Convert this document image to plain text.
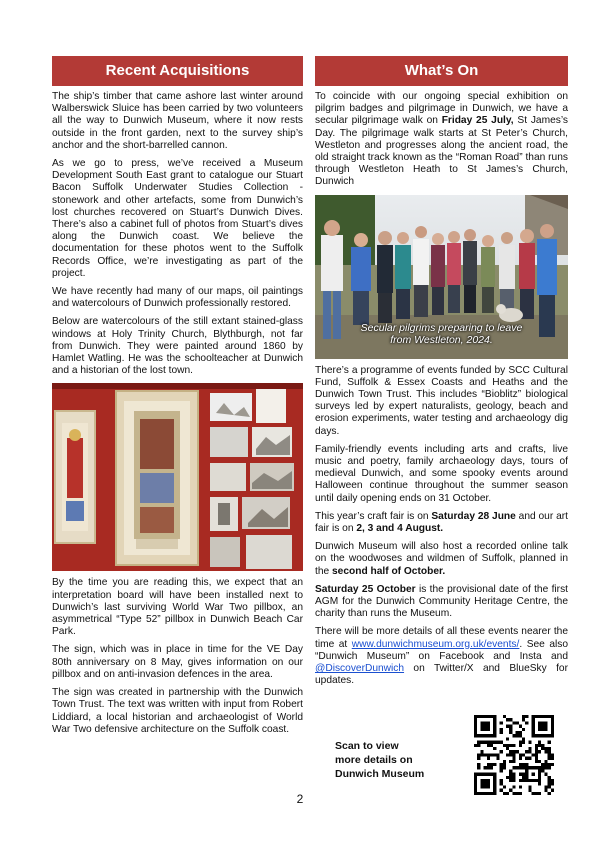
Recent Acquisitions

The ship’s timber that came ashore last winter around Walberswick Sluice has been carried by two volunteers all the way to Dunwich Museum, where it now rests outside in the front garden, next to the survey ship’s anchor and the short-barrelled cannon.

As we go to press, we’ve received a Museum Development South East grant to catalogue our Stuart Bacon Suffolk Underwater Studies Collection - stonework and other artefacts, some from Dunwich’s lost churches recovered on Stuart’s Dunwich Dives. There’s also a cabinet full of photos from Stuart’s dives along the Dunwich coast. We believe the documentation for these photos went to the Suffolk Records Office, we’re investigating as part of the project.

We have recently had many of our maps, oil paintings and watercolours of Dunwich professionally restored.

Below are watercolours of the still extant stained-glass windows at Holy Trinity Church, Blythburgh, not far from Dunwich. They were painted around 1860 by Hamlet Watling. He was the schoolteacher at Dunwich and a historian of the lost town.

By the time you are reading this, we expect that an interpretation board will have been installed next to Dunwich’s last surviving World War Two pillbox, an asymmetrical “Type 52” pillbox in Dunwich Beach Car Park.

The sign, which was in place in time for the VE Day 80th anniversary on 8 May, gives information on our pillbox and on anti-invasion defences in the area.

The sign was created in partnership with the Dunwich Town Trust. The text was written with input from Robert Liddiard, a local historian and archaeologist of World War Two defensive architecture on the Suffolk coast.

What’s On

To coincide with our ongoing special exhibition on pilgrim badges and pilgrimage in Dunwich, we have a secular pilgrimage walk on Friday 25 July, St James’s Day. The pilgrimage walk starts at St Peter’s Church, Westleton and progresses along the ancient road, the old straight track known as the “Roman Road” than runs through Westleton Heath to St James’s Church, Dunwich

Secular pilgrims preparing to leave
from Westleton, 2024.

There’s a programme of events funded by SCC Cultural Fund, Suffolk & Essex Coasts and Heaths and the Dunwich Town Trust. This includes “Bioblitz” biological surveys led by expert naturalists, geology, beach and erosion experiments, water testing and archaeology dig days.

Family-friendly events including arts and crafts, live music and poetry, family archaeology days, tours of medieval Dunwich, and some spooky events around Halloween continue throughout the summer season until daily opening ends on 31 October.

This year’s craft fair is on Saturday 28 June and our art fair is on 2, 3 and 4 August.

Dunwich Museum will also host a recorded online talk on the woodwoses and wildmen of Suffolk, planned in the second half of October.

Saturday 25 October is the provisional date of the first AGM for the Dunwich Community Heritage Centre, the charity than runs the Museum.

There will be more details of all these events nearer the time at www.dunwichmuseum.org.uk/events/. See also “Dunwich Museum” on Facebook and Insta and @DiscoverDunwich on Twitter/X and BlueSky for updates.

Scan to view
more details on
Dunwich Museum
2
